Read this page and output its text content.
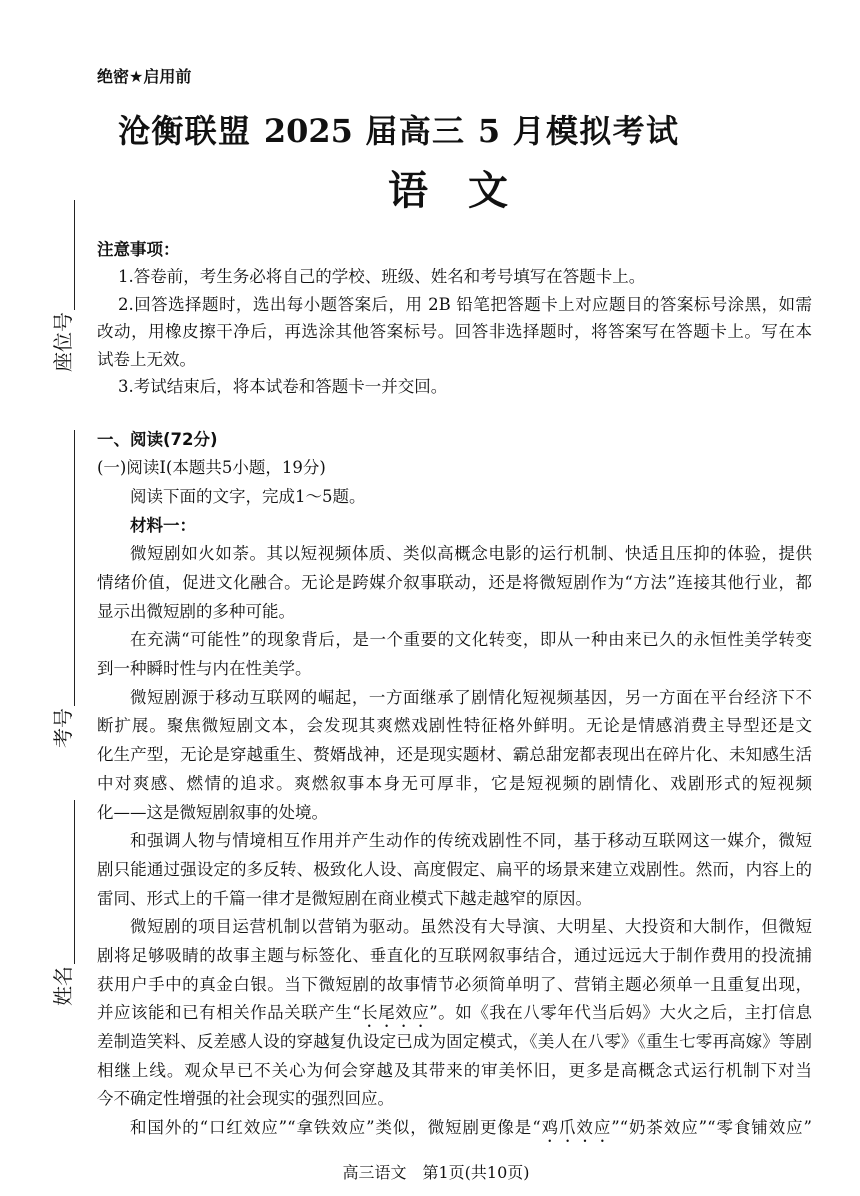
绝密★启用前
沧衡联盟 2025 届高三 5 月模拟考试
语 文
座位号
考号
姓名
注意事项：
1.答卷前，考生务必将自己的学校、班级、姓名和考号填写在答题卡上。
2.回答选择题时，选出每小题答案后，用 2B 铅笔把答题卡上对应题目的答案标号涂黑，如需
改动，用橡皮擦干净后，再选涂其他答案标号。回答非选择题时，将答案写在答题卡上。写在本
试卷上无效。
3.考试结束后，将本试卷和答题卡一并交回。
一、阅读(72分)
(一)阅读Ⅰ(本题共5小题，19分)
阅读下面的文字，完成1～5题。
材料一：
微短剧如火如荼。其以短视频体质、类似高概念电影的运行机制、快适且压抑的体验，提供
情绪价值，促进文化融合。无论是跨媒介叙事联动，还是将微短剧作为“方法”连接其他行业，都
显示出微短剧的多种可能。
在充满“可能性”的现象背后，是一个重要的文化转变，即从一种由来已久的永恒性美学转变
到一种瞬时性与内在性美学。
微短剧源于移动互联网的崛起，一方面继承了剧情化短视频基因，另一方面在平台经济下不
断扩展。聚焦微短剧文本，会发现其爽燃戏剧性特征格外鲜明。无论是情感消费主导型还是文
化生产型，无论是穿越重生、赘婿战神，还是现实题材、霸总甜宠都表现出在碎片化、未知感生活
中对爽感、燃情的追求。爽燃叙事本身无可厚非，它是短视频的剧情化、戏剧形式的短视频
化——这是微短剧叙事的处境。
和强调人物与情境相互作用并产生动作的传统戏剧性不同，基于移动互联网这一媒介，微短
剧只能通过强设定的多反转、极致化人设、高度假定、扁平的场景来建立戏剧性。然而，内容上的
雷同、形式上的千篇一律才是微短剧在商业模式下越走越窄的原因。
微短剧的项目运营机制以营销为驱动。虽然没有大导演、大明星、大投资和大制作，但微短
剧将足够吸睛的故事主题与标签化、垂直化的互联网叙事结合，通过远远大于制作费用的投流捕
获用户手中的真金白银。当下微短剧的故事情节必须简单明了、营销主题必须单一且重复出现，
并应该能和已有相关作品关联产生“长尾效应”。如《我在八零年代当后妈》大火之后，主打信息
差制造笑料、反差感人设的穿越复仇设定已成为固定模式，《美人在八零》《重生七零再高嫁》等剧
相继上线。观众早已不关心为何会穿越及其带来的审美怀旧，更多是高概念式运行机制下对当
今不确定性增强的社会现实的强烈回应。
和国外的“口红效应”“拿铁效应”类似，微短剧更像是“鸡爪效应”“奶茶效应”“零食铺效应”
高三语文　第1页(共10页)
